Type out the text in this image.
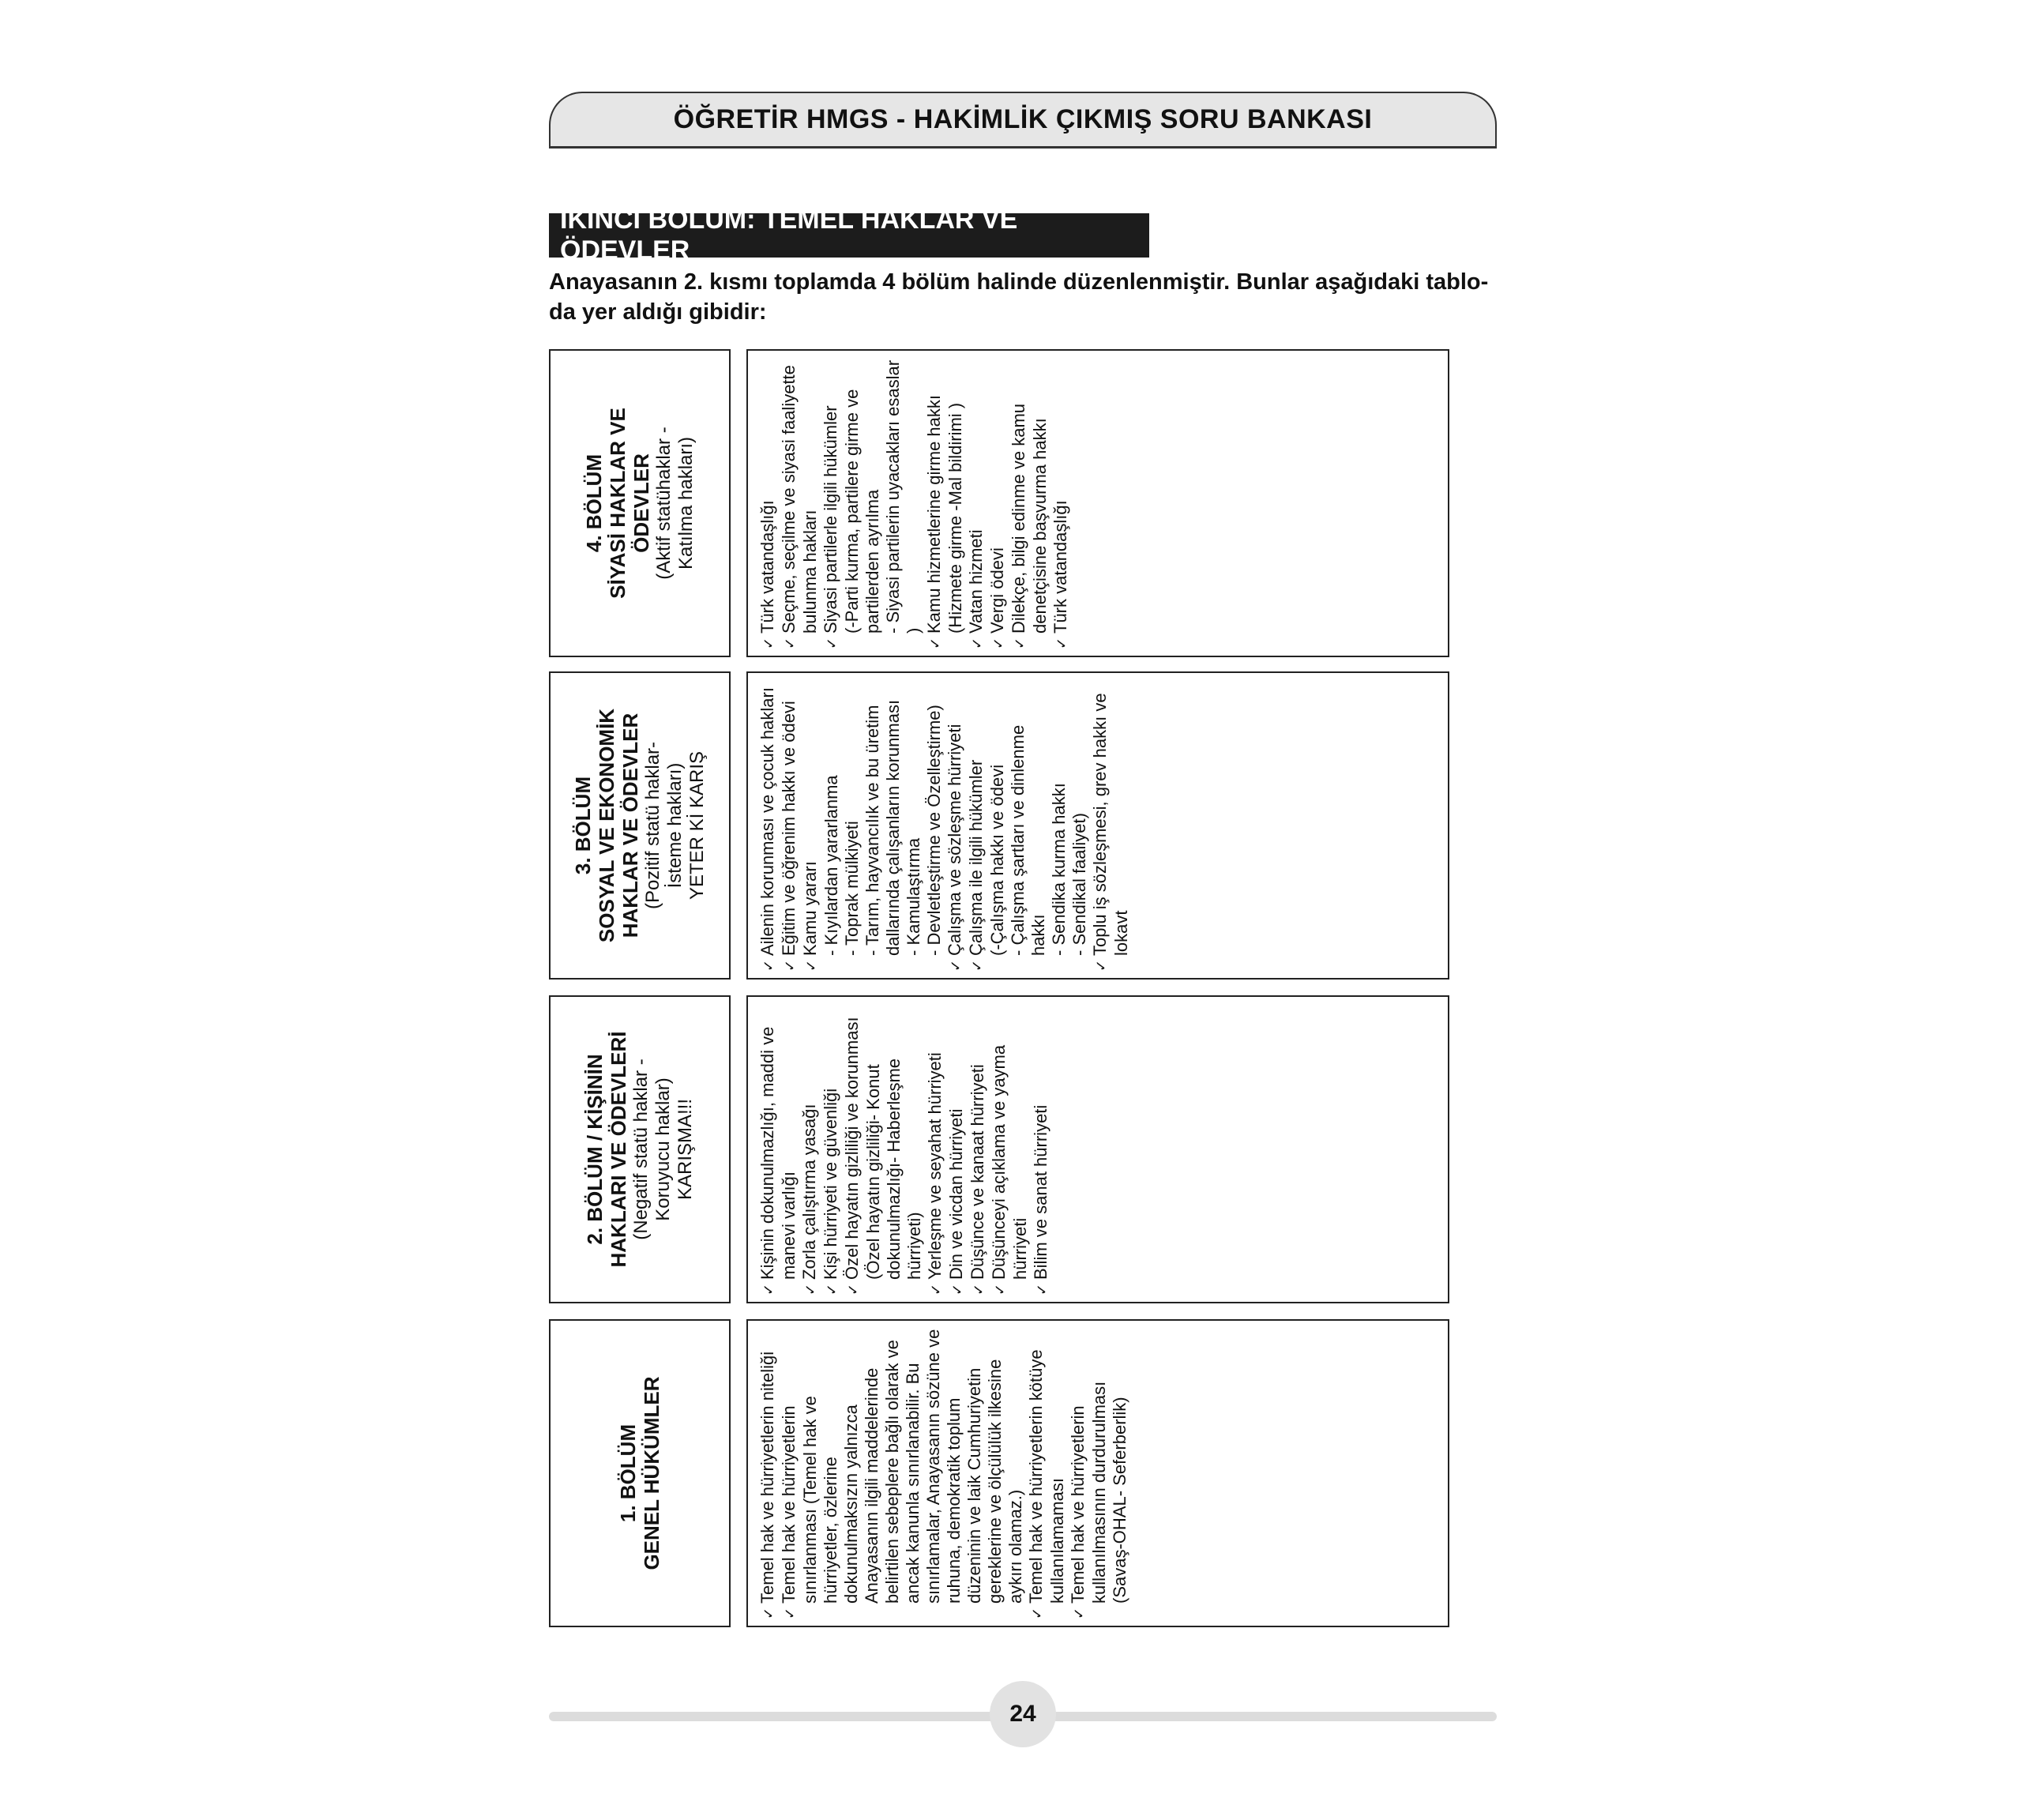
ÖĞRETİR HMGS - HAKİMLİK ÇIKMIŞ SORU BANKASI
İKİNCİ BÖLÜM: TEMEL HAKLAR VE ÖDEVLER
Anayasanın 2. kısmı toplamda 4 bölüm halinde düzenlenmiştir. Bunlar aşağıdaki tablo-
da yer aldığı gibidir:
1. BÖLÜM GENEL HÜKÜMLER	✓ Temel hak ve hürriyetlerin niteliği ✓ Temel hak ve hürriyetlerin sınırlanması (Temel hak ve hürriyetler, özlerine dokunulmaksızın yalnızca Anayasanın ilgili maddelerinde belirtilen sebeplere bağlı olarak ve ancak kanunla sınırlanabilir. Bu sınırlamalar, Anayasanın sözüne ve ruhuna, demokratik toplum düzeninin ve laik Cumhuriyetin gereklerine ve ölçülülük ilkesine aykırı olamaz.) ✓ Temel hak ve hürriyetlerin kötüye kullanılamaması ✓ Temel hak ve hürriyetlerin kullanılmasının durdurulması (Savaş-OHAL- Seferberlik)
2. BÖLÜM / KİŞİNİN HAKLARI VE ÖDEVLERİ (Negatif statü haklar - Koruyucu haklar) KARIŞMA!!!	✓ Kişinin dokunulmazlığı, maddi ve manevi varlığı ✓ Zorla çalıştırma yasağı ✓ Kişi hürriyeti ve güvenliği ✓ Özel hayatın gizliliği ve korunması (Özel hayatın gizliliği- Konut dokunulmazlığı- Haberleşme hürriyeti) ✓ Yerleşme ve seyahat hürriyeti ✓ Din ve vicdan hürriyeti ✓ Düşünce ve kanaat hürriyeti ✓ Düşünceyi açıklama ve yayma hürriyeti ✓ Bilim ve sanat hürriyeti
3. BÖLÜM SOSYAL VE EKONOMİK HAKLAR VE ÖDEVLER (Pozitif statü haklar- İsteme hakları) YETER Kİ KARIŞ	✓ Ailenin korunması ve çocuk hakları ✓ Eğitim ve öğrenim hakkı ve ödevi ✓ Kamu yararı - Kıyılardan yararlanma - Toprak mülkiyeti - Tarım, hayvancılık ve bu üretim dallarında çalışanların korunması - Kamulaştırma - Devletleştirme ve Özelleştirme) ✓ Çalışma ve sözleşme hürriyeti ✓ Çalışma ile ilgili hükümler (-Çalışma hakkı ve ödevi - Çalışma şartları ve dinlenme hakkı - Sendika kurma hakkı - Sendikal faaliyet) ✓ Toplu iş sözleşmesi, grev hakkı ve lokavt
4. BÖLÜM SİYASİ HAKLAR VE ÖDEVLER (Aktif statühaklar - Katılma hakları)	✓ Türk vatandaşlığı ✓ Seçme, seçilme ve siyasi faaliyette bulunma hakları ✓ Siyasi partilerle ilgili hükümler (-Parti kurma, partilere girme ve partilerden ayrılma - Siyasi partilerin uyacakları esaslar ) ✓ Kamu hizmetlerine girme hakkı (Hizmete girme -Mal bildirimi ) ✓ Vatan hizmeti ✓ Vergi ödevi ✓ Dilekçe, bilgi edinme ve kamu denetçisine başvurma hakkı ✓ Türk vatandaşlığı
24
